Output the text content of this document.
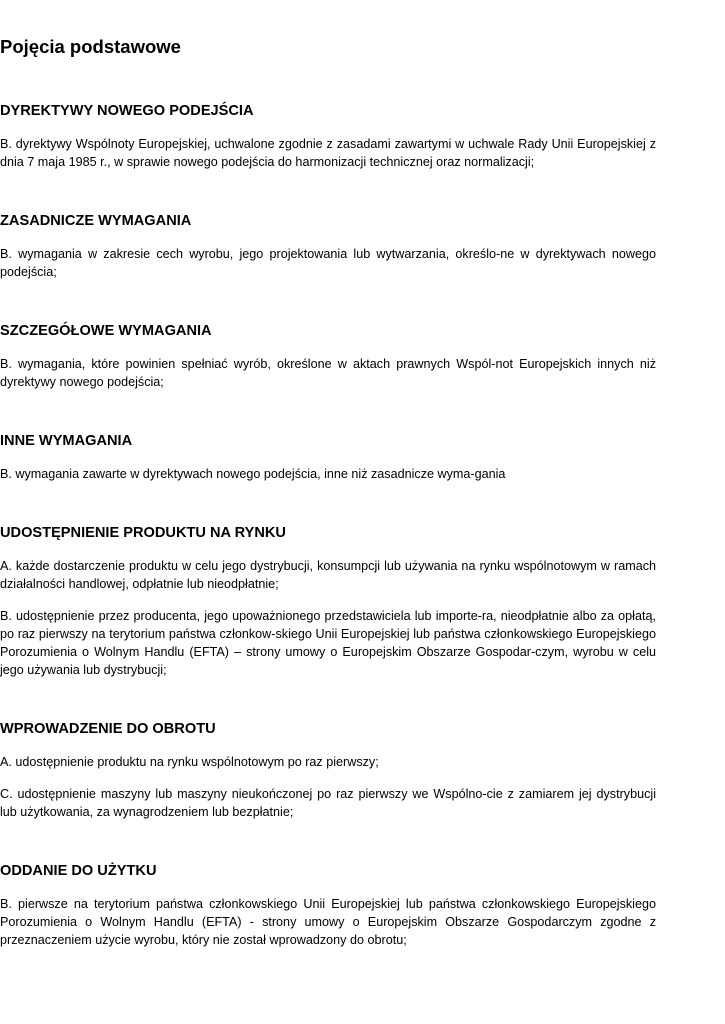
Pojęcia podstawowe
DYREKTYWY NOWEGO PODEJŚCIA

B. dyrektywy Wspólnoty Europejskiej, uchwalone zgodnie z zasadami zawartymi w uchwale Rady Unii Europejskiej z dnia 7 maja 1985 r., w sprawie nowego podejścia do harmonizacji technicznej oraz normalizacji;

ZASADNICZE WYMAGANIA

B. wymagania w zakresie cech wyrobu, jego projektowania lub wytwarzania, określo-ne w dyrektywach nowego podejścia;

SZCZEGÓŁOWE WYMAGANIA

B. wymagania, które powinien spełniać wyrób, określone w aktach prawnych Wspól-not Europejskich innych niż dyrektywy nowego podejścia;

INNE WYMAGANIA

B. wymagania zawarte w dyrektywach nowego podejścia, inne niż zasadnicze wyma-gania

UDOSTĘPNIENIE PRODUKTU NA RYNKU

A. każde dostarczenie produktu w celu jego dystrybucji, konsumpcji lub używania na rynku wspólnotowym w ramach działalności handlowej, odpłatnie lub nieodpłatnie;

B. udostępnienie przez producenta, jego upoważnionego przedstawiciela lub importe-ra, nieodpłatnie albo za opłatą, po raz pierwszy na terytorium państwa członkow-skiego Unii Europejskiej lub państwa członkowskiego Europejskiego Porozumienia o Wolnym Handlu (EFTA) – strony umowy o Europejskim Obszarze Gospodar-czym, wyrobu w celu jego używania lub dystrybucji;

WPROWADZENIE DO OBROTU

A. udostępnienie produktu na rynku wspólnotowym po raz pierwszy;

C. udostępnienie maszyny lub maszyny nieukończonej po raz pierwszy we Wspólno-cie z zamiarem jej dystrybucji lub użytkowania, za wynagrodzeniem lub bezpłatnie;

ODDANIE DO UŻYTKU

B. pierwsze na terytorium państwa członkowskiego Unii Europejskiej lub państwa członkowskiego Europejskiego Porozumienia o Wolnym Handlu (EFTA) - strony umowy o Europejskim Obszarze Gospodarczym zgodne z przeznaczeniem użycie wyrobu, który nie został wprowadzony do obrotu;
